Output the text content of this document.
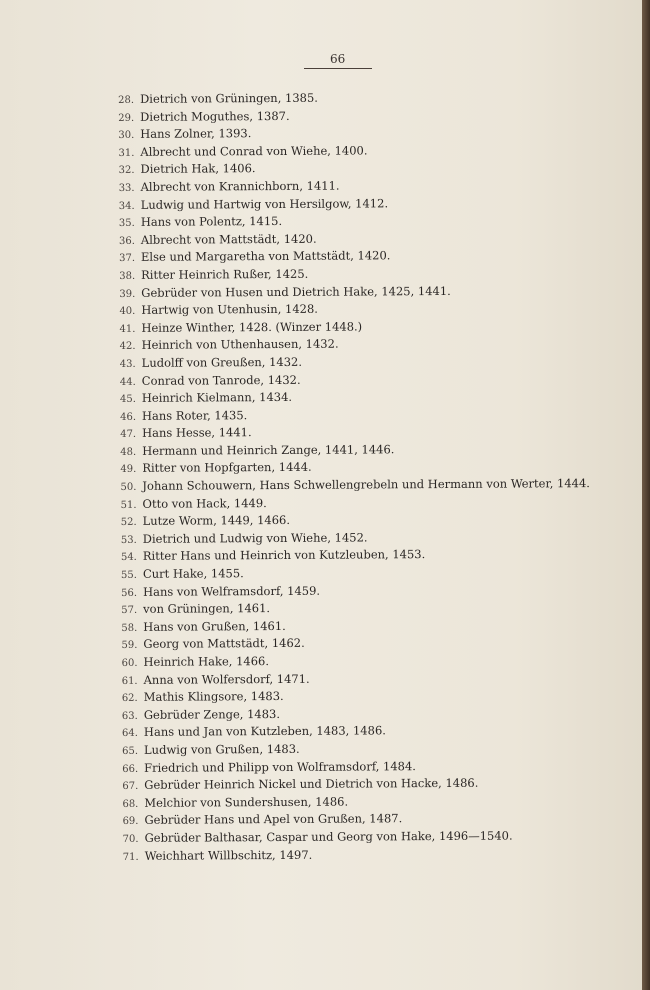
66
28. Dietrich von Grüningen, 1385.
29. Dietrich Moguthes, 1387.
30. Hans Zolner, 1393.
31. Albrecht und Conrad von Wiehe, 1400.
32. Dietrich Hak, 1406.
33. Albrecht von Krannichborn, 1411.
34. Ludwig und Hartwig von Hersilgow, 1412.
35. Hans von Polentz, 1415.
36. Albrecht von Mattstädt, 1420.
37. Else und Margaretha von Mattstädt, 1420.
38. Ritter Heinrich Rußer, 1425.
39. Gebrüder von Husen und Dietrich Hake, 1425, 1441.
40. Hartwig von Utenhusin, 1428.
41. Heinze Winther, 1428. (Winzer 1448.)
42. Heinrich von Uthenhausen, 1432.
43. Ludolff von Greußen, 1432.
44. Conrad von Tanrode, 1432.
45. Heinrich Kielmann, 1434.
46. Hans Roter, 1435.
47. Hans Hesse, 1441.
48. Hermann und Heinrich Zange, 1441, 1446.
49. Ritter von Hopfgarten, 1444.
50. Johann Schouwern, Hans Schwellengrebeln und Hermann von Werter, 1444.
51. Otto von Hack, 1449.
52. Lutze Worm, 1449, 1466.
53. Dietrich und Ludwig von Wiehe, 1452.
54. Ritter Hans und Heinrich von Kutzleuben, 1453.
55. Curt Hake, 1455.
56. Hans von Welframsdorf, 1459.
57. von Grüningen, 1461.
58. Hans von Grußen, 1461.
59. Georg von Mattstädt, 1462.
60. Heinrich Hake, 1466.
61. Anna von Wolfersdorf, 1471.
62. Mathis Klingsore, 1483.
63. Gebrüder Zenge, 1483.
64. Hans und Jan von Kutzleben, 1483, 1486.
65. Ludwig von Grußen, 1483.
66. Friedrich und Philipp von Wolframsdorf, 1484.
67. Gebrüder Heinrich Nickel und Dietrich von Hacke, 1486.
68. Melchior von Sundershusen, 1486.
69. Gebrüder Hans und Apel von Grußen, 1487.
70. Gebrüder Balthasar, Caspar und Georg von Hake, 1496—1540.
71. Weichhart Willbschitz, 1497.
